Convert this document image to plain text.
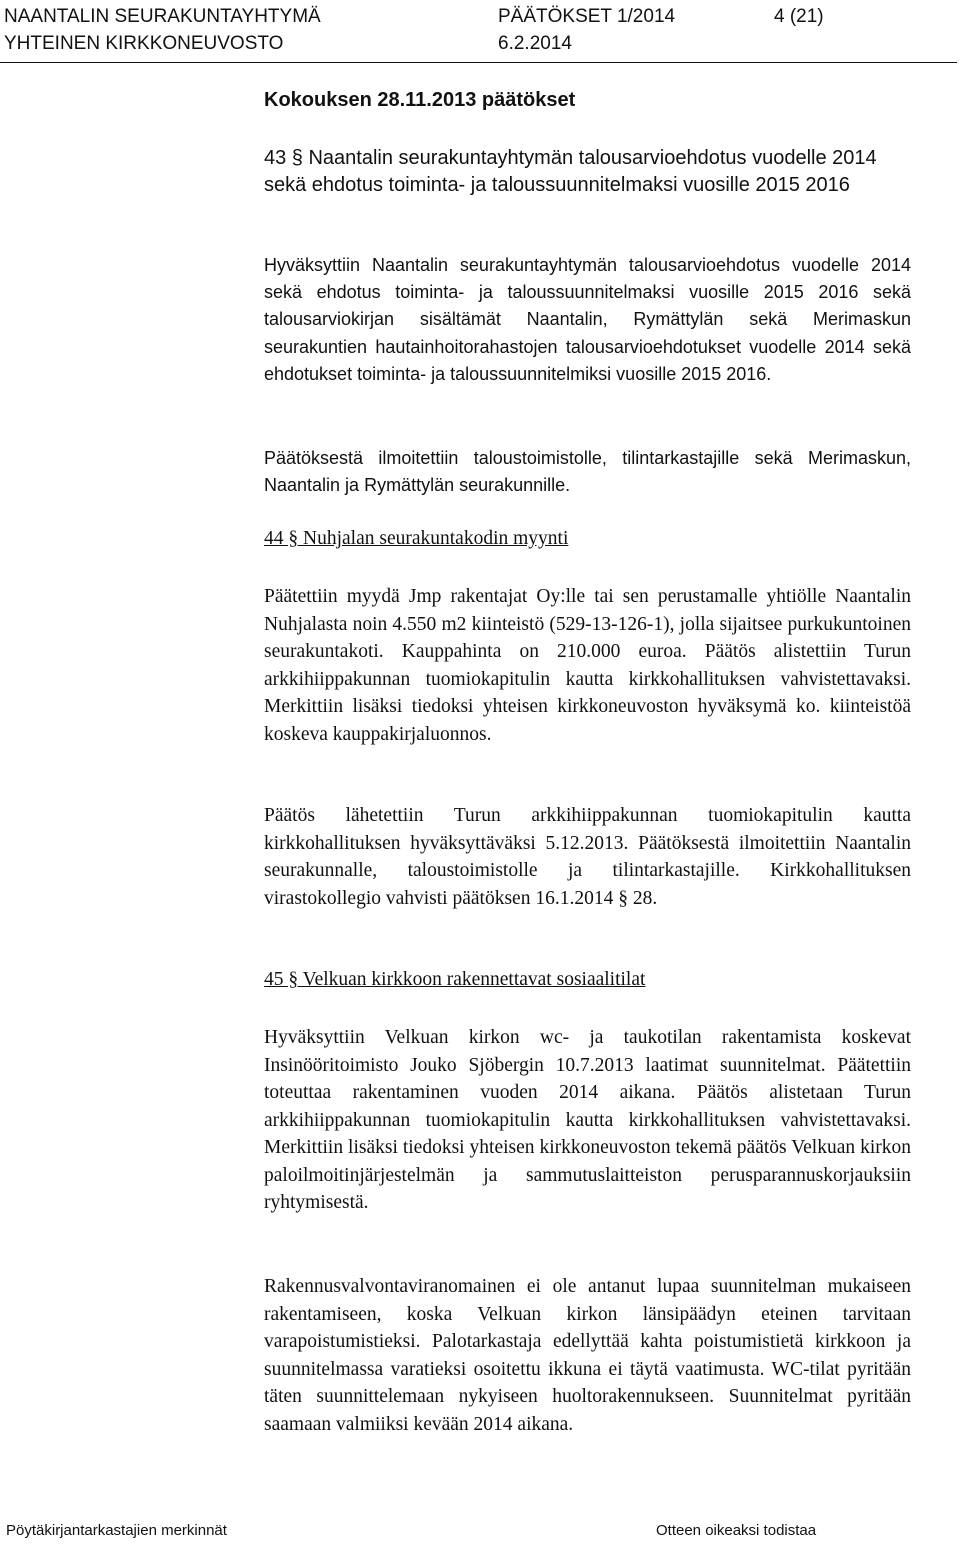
NAANTALIN SEURAKUNTAYHTYMÄ	PÄÄTÖKSET 1/2014	4 (21)
YHTEINEN KIRKKONEUVOSTO	6.2.2014
Kokouksen 28.11.2013 päätökset
43 § Naantalin seurakuntayhtymän talousarvioehdotus vuodelle 2014 sekä ehdotus toiminta- ja taloussuunnitelmaksi vuosille 2015 2016
Hyväksyttiin Naantalin seurakuntayhtymän talousarvioehdotus vuodelle 2014 sekä ehdotus toiminta- ja taloussuunnitelmaksi vuosille 2015 2016 sekä talousarviokirjan sisältämät Naantalin, Rymättylän sekä Merimaskun seurakuntien hautainhoitorahastojen talousarvioehdotukset vuodelle 2014 sekä ehdotukset toiminta- ja taloussuunnitelmiksi vuosille 2015 2016.
Päätöksestä ilmoitettiin taloustoimistolle, tilintarkastajille sekä Merimaskun, Naantalin ja Rymättylän seurakunnille.
44 § Nuhjalan seurakuntakodin myynti
Päätettiin myydä Jmp rakentajat Oy:lle tai sen perustamalle yhtiölle Naantalin Nuhjalasta noin 4.550 m2 kiinteistö (529-13-126-1), jolla sijaitsee purkukuntoinen seurakuntakoti. Kauppahinta on 210.000 euroa. Päätös alistettiin Turun arkkihiippakunnan tuomiokapitulin kautta kirkkohallituksen vahvistettavaksi. Merkittiin lisäksi tiedoksi yhteisen kirkkoneuvoston hyväksymä ko. kiinteistöä koskeva kauppakirjaluonnos.
Päätös lähetettiin Turun arkkihiippakunnan tuomiokapitulin kautta kirkkohallituksen hyväksyttäväksi 5.12.2013. Päätöksestä ilmoitettiin Naantalin seurakunnalle, taloustoimistolle ja tilintarkastajille. Kirkkohallituksen virastokollegio vahvisti päätöksen 16.1.2014 § 28.
45 § Velkuan kirkkoon rakennettavat sosiaalitilat
Hyväksyttiin Velkuan kirkon wc- ja taukotilan rakentamista koskevat Insinööritoimisto Jouko Sjöbergin 10.7.2013 laatimat suunnitelmat. Päätettiin toteuttaa rakentaminen vuoden 2014 aikana. Päätös alistetaan Turun arkkihiippakunnan tuomiokapitulin kautta kirkkohallituksen vahvistettavaksi. Merkittiin lisäksi tiedoksi yhteisen kirkkoneuvoston tekemä päätös Velkuan kirkon paloilmoitinjärjestelmän ja sammutuslaitteiston perusparannuskorjauksiin ryhtymisestä.
Rakennusvalvontaviranomainen ei ole antanut lupaa suunnitelman mukaiseen rakentamiseen, koska Velkuan kirkon länsipäädyn eteinen tarvitaan varapoistumistieksi. Palotarkastaja edellyttää kahta poistumistietä kirkkoon ja suunnitelmassa varatieksi osoitettu ikkuna ei täytä vaatimusta. WC-tilat pyritään täten suunnittelemaan nykyiseen huoltorakennukseen. Suunnitelmat pyritään saamaan valmiiksi kevään 2014 aikana.
Pöytäkirjantarkastajien merkinnät	Otteen oikeaksi todistaa
